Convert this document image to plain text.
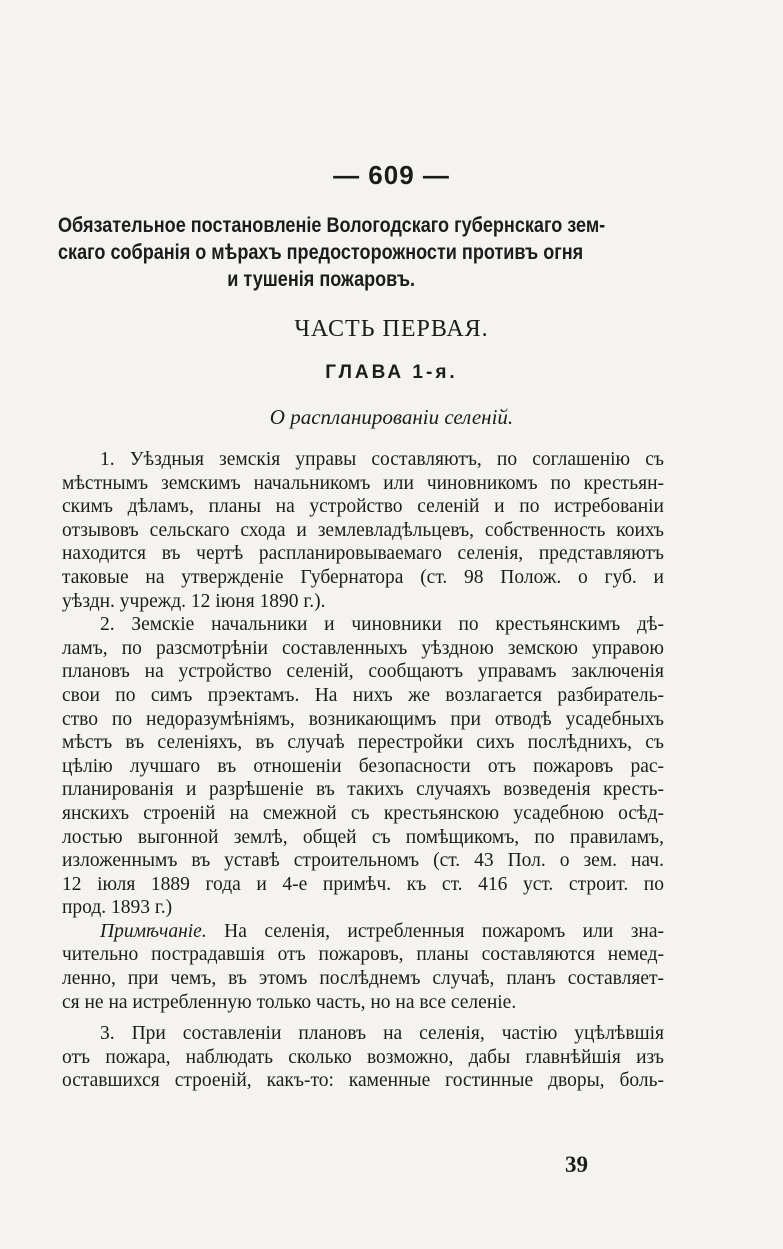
— 609 —
Обязательное постановленіе Вологодскаго губернскаго зем-
скаго собранія о мѣрахъ предосторожности противъ огня
и тушенія пожаровъ.
ЧАСТЬ ПЕРВАЯ.
ГЛАВА 1-я.
О распланированіи селеній.
1. Уѣздныя земскія управы составляютъ, по соглашенію съ
мѣстнымъ земскимъ начальникомъ или чиновникомъ по крестьян-
скимъ дѣламъ, планы на устройство селеній и по истребованіи
отзывовъ сельскаго схода и землевладѣльцевъ, собственность коихъ
находится въ чертѣ распланировываемаго селенія, представляютъ
таковые на утвержденіе Губернатора (ст. 98 Полож. о губ. и
уѣздн. учрежд. 12 іюня 1890 г.).
2. Земскіе начальники и чиновники по крестьянскимъ дѣ-
ламъ, по разсмотрѣніи составленныхъ уѣздною земскою управою
плановъ на устройство селеній, сообщаютъ управамъ заключенія
свои по симъ прэектамъ. На нихъ же возлагается разбиратель-
ство по недоразумѣніямъ, возникающимъ при отводѣ усадебныхъ
мѣстъ въ селеніяхъ, въ случаѣ перестройки сихъ послѣднихъ, съ
цѣлію лучшаго въ отношеніи безопасности отъ пожаровъ рас-
планированія и разрѣшеніе въ такихъ случаяхъ возведенія кресть-
янскихъ строеній на смежной съ крестьянскою усадебною осѣд-
лостью выгонной землѣ, общей съ помѣщикомъ, по правиламъ,
изложеннымъ въ уставѣ строительномъ (ст. 43 Пол. о зем. нач.
12 іюля 1889 года и 4-е примѣч. къ ст. 416 уст. строит. по
прод. 1893 г.)
Примѣчаніе. На селенія, истребленныя пожаромъ или зна-
чительно пострадавшія отъ пожаровъ, планы составляются немед-
ленно, при чемъ, въ этомъ послѣднемъ случаѣ, планъ составляет-
ся не на истребленную только часть, но на все селеніе.
3. При составленіи плановъ на селенія, частію уцѣлѣвшія
отъ пожара, наблюдать сколько возможно, дабы главнѣйшія изъ
оставшихся строеній, какъ-то: каменные гостинные дворы, боль-
39
